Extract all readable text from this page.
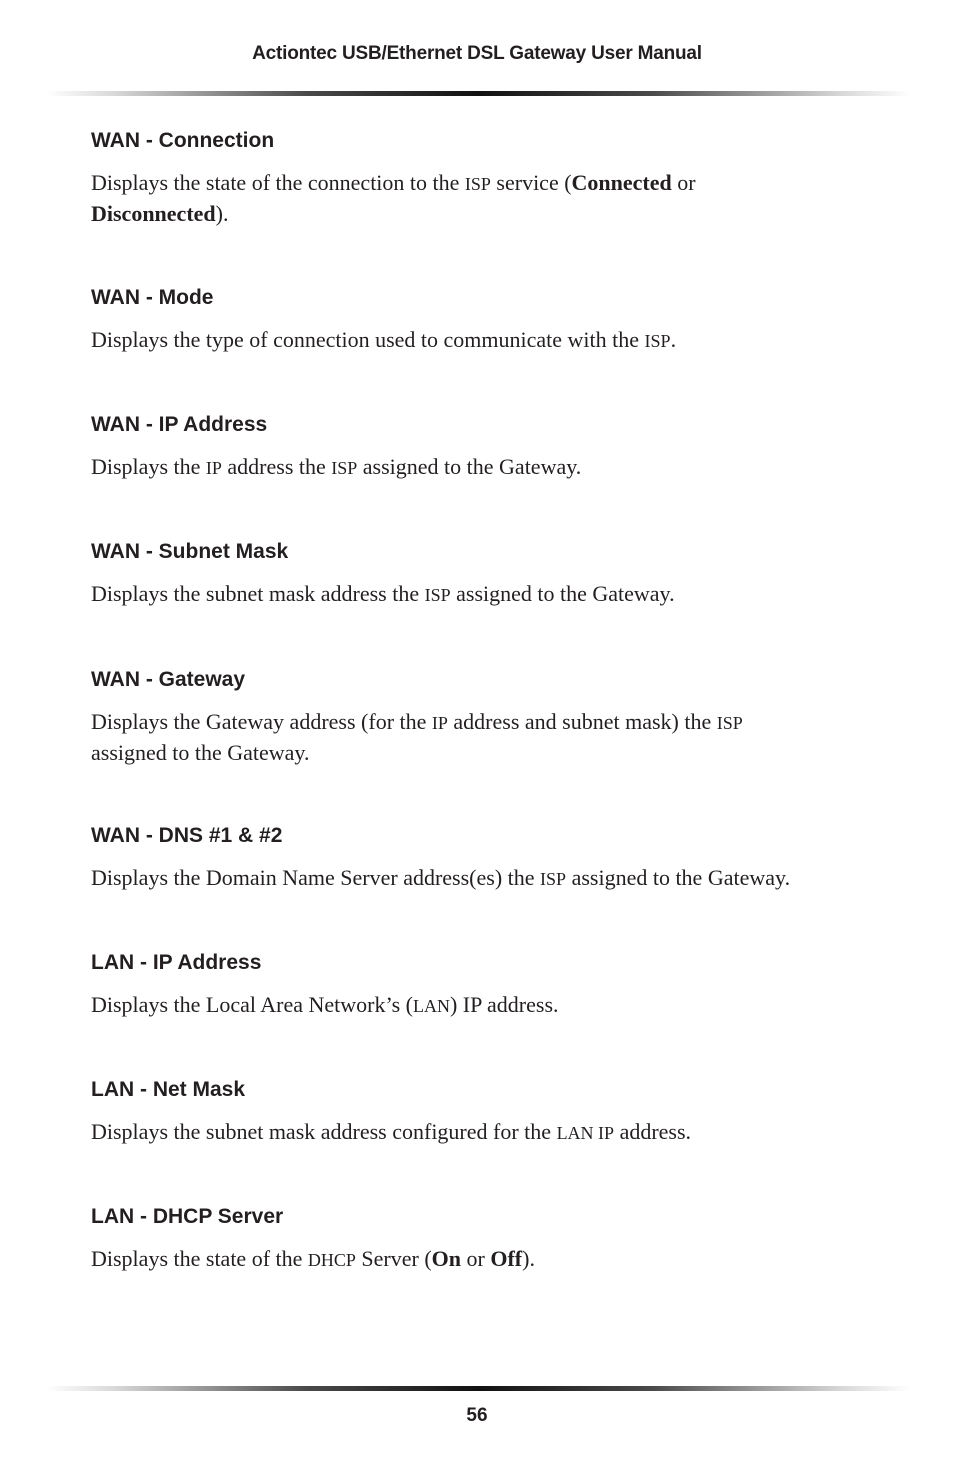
Actiontec USB/Ethernet DSL Gateway User Manual
WAN - Connection

Displays the state of the connection to the ISP service (Connected or
Disconnected).

WAN - Mode

Displays the type of connection used to communicate with the ISP.

WAN - IP Address

Displays the IP address the ISP assigned to the Gateway.

WAN - Subnet Mask

Displays the subnet mask address the ISP assigned to the Gateway.

WAN - Gateway

Displays the Gateway address (for the IP address and subnet mask) the ISP
assigned to the Gateway.

WAN - DNS #1 & #2

Displays the Domain Name Server address(es) the ISP assigned to the Gateway.

LAN - IP Address

Displays the Local Area Network’s (LAN) IP address.

LAN - Net Mask

Displays the subnet mask address configured for the LAN IP address.

LAN - DHCP Server

Displays the state of the DHCP Server (On or Off).

56
